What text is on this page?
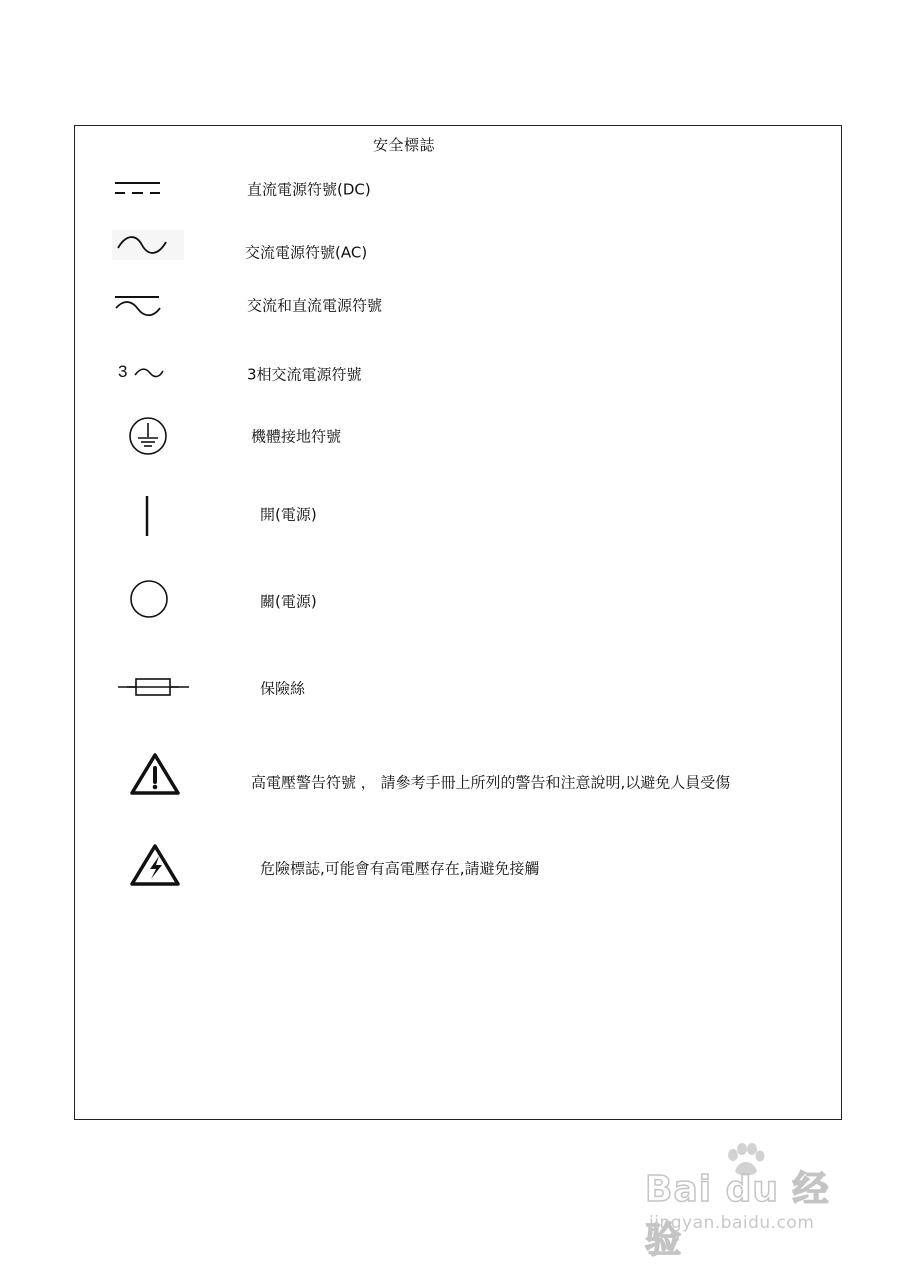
安全標誌
直流電源符號(DC)
交流電源符號(AC)
交流和直流電源符號
3	3相交流電源符號
機體接地符號
開(電源)
關(電源)
保險絲
高電壓警告符號 ， 請參考手冊上所列的警告和注意說明,以避免人員受傷
危險標誌,可能會有高電壓存在,請避免接觸
Bai du 经验
jingyan.baidu.com
